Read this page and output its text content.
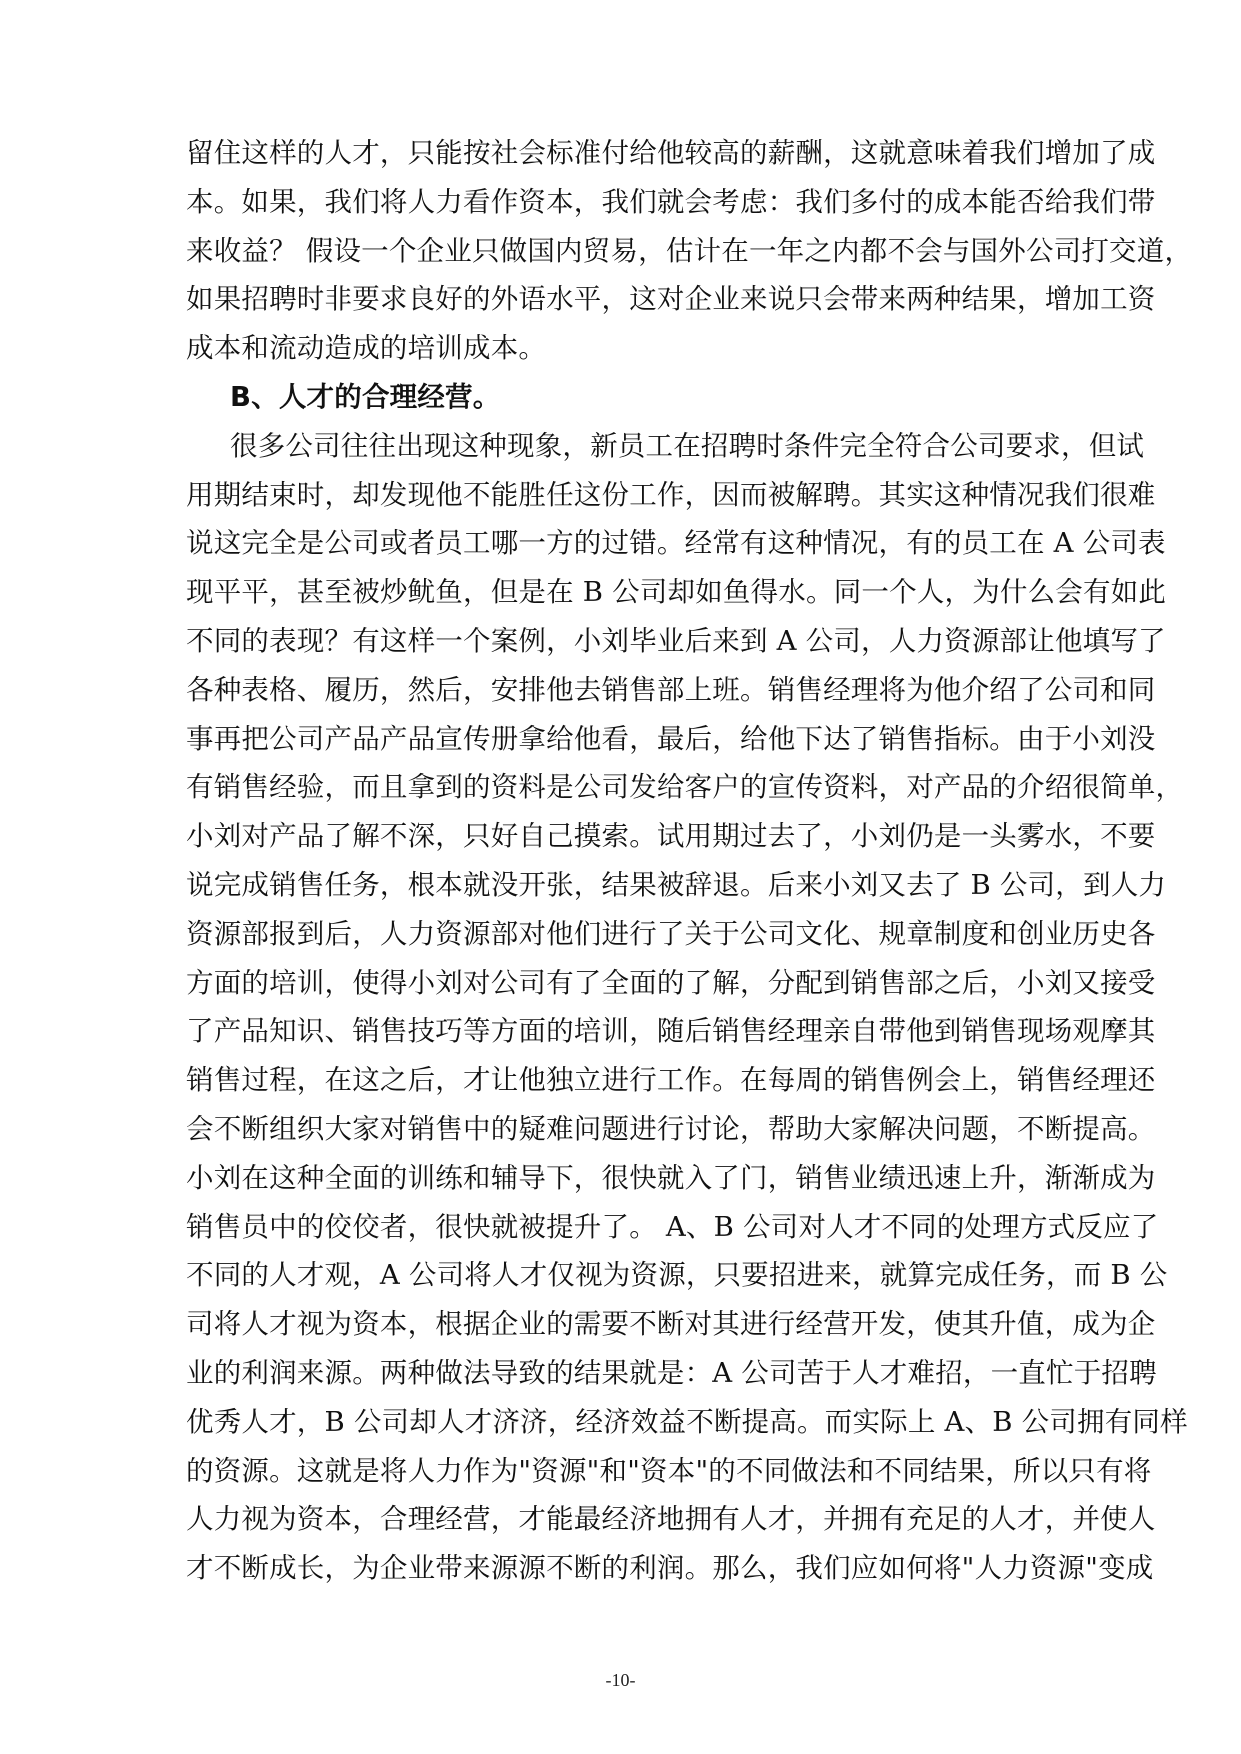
留住这样的人才，只能按社会标准付给他较高的薪酬，这就意味着我们增加了成
本。如果，我们将人力看作资本，我们就会考虑：我们多付的成本能否给我们带
来收益？ 假设一个企业只做国内贸易，估计在一年之内都不会与国外公司打交道，
如果招聘时非要求良好的外语水平，这对企业来说只会带来两种结果，增加工资
成本和流动造成的培训成本。
B、人才的合理经营。
很多公司往往出现这种现象，新员工在招聘时条件完全符合公司要求，但试
用期结束时，却发现他不能胜任这份工作，因而被解聘。其实这种情况我们很难
说这完全是公司或者员工哪一方的过错。经常有这种情况，有的员工在 A 公司表
现平平，甚至被炒鱿鱼，但是在 B 公司却如鱼得水。同一个人，为什么会有如此
不同的表现？有这样一个案例，小刘毕业后来到 A 公司，人力资源部让他填写了
各种表格、履历，然后，安排他去销售部上班。销售经理将为他介绍了公司和同
事再把公司产品产品宣传册拿给他看，最后，给他下达了销售指标。由于小刘没
有销售经验，而且拿到的资料是公司发给客户的宣传资料，对产品的介绍很简单，
小刘对产品了解不深，只好自己摸索。试用期过去了，小刘仍是一头雾水，不要
说完成销售任务，根本就没开张，结果被辞退。后来小刘又去了 B 公司，到人力
资源部报到后，人力资源部对他们进行了关于公司文化、规章制度和创业历史各
方面的培训，使得小刘对公司有了全面的了解，分配到销售部之后，小刘又接受
了产品知识、销售技巧等方面的培训，随后销售经理亲自带他到销售现场观摩其
销售过程，在这之后，才让他独立进行工作。在每周的销售例会上，销售经理还
会不断组织大家对销售中的疑难问题进行讨论，帮助大家解决问题，不断提高。
小刘在这种全面的训练和辅导下，很快就入了门，销售业绩迅速上升，渐渐成为
销售员中的佼佼者，很快就被提升了。 A、B 公司对人才不同的处理方式反应了
不同的人才观，A 公司将人才仅视为资源，只要招进来，就算完成任务，而 B 公
司将人才视为资本，根据企业的需要不断对其进行经营开发，使其升值，成为企
业的利润来源。两种做法导致的结果就是：A 公司苦于人才难招，一直忙于招聘
优秀人才，B 公司却人才济济，经济效益不断提高。而实际上 A、B 公司拥有同样
的资源。这就是将人力作为"资源"和"资本"的不同做法和不同结果，所以只有将
人力视为资本，合理经营，才能最经济地拥有人才，并拥有充足的人才，并使人
才不断成长，为企业带来源源不断的利润。那么，我们应如何将"人力资源"变成
-10-
